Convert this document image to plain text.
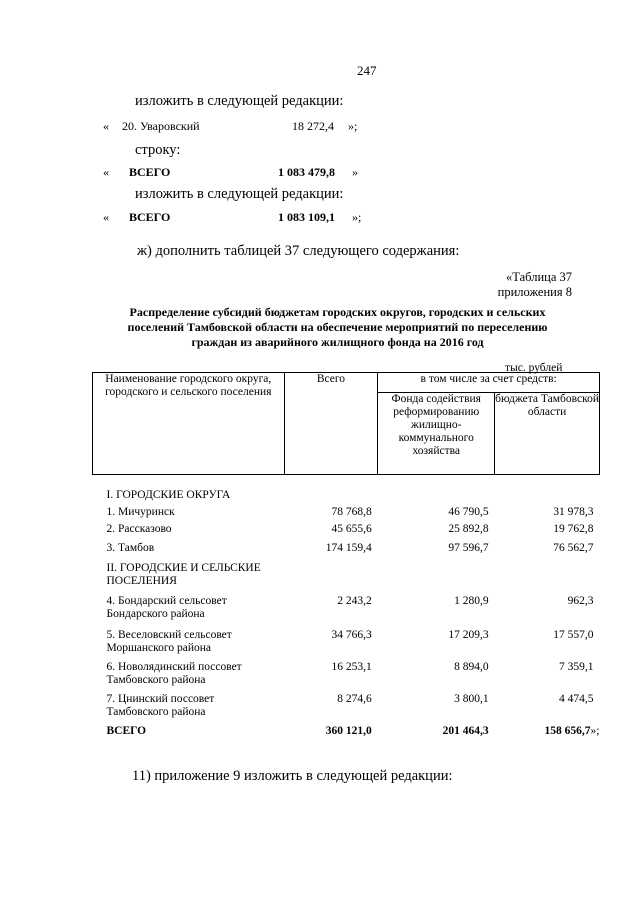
247
изложить в следующей редакции:
« 20. Уваровский	18 272,4 »;
строку:
« ВСЕГО	1 083 479,8 »
изложить в следующей редакции:
« ВСЕГО	1 083 109,1 »;
ж) дополнить таблицей 37 следующего содержания:
«Таблица 37
приложения 8
Распределение субсидий бюджетам городских округов, городских и сельских поселений Тамбовской области на обеспечение мероприятий по переселению граждан из аварийного жилищного фонда на 2016 год
тыс. рублей
Наименование городского округа, городского и сельского поселения	Всего	в том числе за счет средств:	
		Фонда содействия реформированию жилищно-коммунального хозяйства	бюджета Тамбовской области

I. ГОРОДСКИЕ ОКРУГА			
1. Мичуринск	78 768,8	46 790,5	31 978,3
2. Рассказово	45 655,6	25 892,8	19 762,8
3. Тамбов	174 159,4	97 596,7	76 562,7

II. ГОРОДСКИЕ И СЕЛЬСКИЕ
ПОСЕЛЕНИЯ			

4. Бондарский сельсовет
Бондарского района	2 243,2	1 280,9	962,3

5. Веселовский сельсовет
Моршанского района	34 766,3	17 209,3	17 557,0

6. Новолядинский поссовет
Тамбовского района	16 253,1	8 894,0	7 359,1

7. Цнинский поссовет
Тамбовского района	8 274,6	3 800,1	4 474,5
ВСЕГО	360 121,0	201 464,3	158 656,7»;
11) приложение 9 изложить в следующей редакции:
